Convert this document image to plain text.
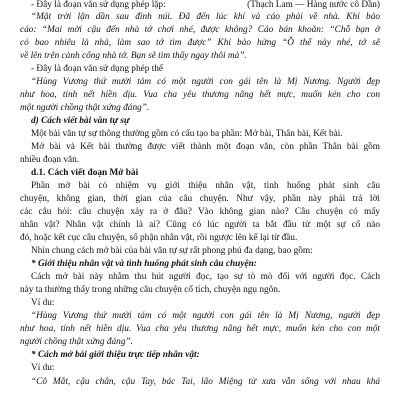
- Đây là đoạn văn sử dụng phép lặp:	(Thạch Lam — Hàng nước cô Dần)
“Mặt trời lặn dần sau đỉnh núi. Đã đến lúc khí và cáo phải về nhà. Khỉ bảo
cáo: “Mai mời cậu đến nhà tớ chơi nhé, được không? Cáo bán khoăn: “Chỗ bạn ở
có bao nhiêu là nhà, làm sao tớ tìm được” Khỉ bảo hừng “Ồ thế này nhé, tớ sẽ
về lên trên cành cống nhà tớ. Bạn sẽ tìm thấy ngay thôi mà”.
- Đây là đoạn văn sử dụng phép thế
“Hùng Vương thứ mười tám có một người con gái tên là Mị Nương. Người đẹp
như hoa, tính nết hiền dịu. Vua cha yêu thương nâng hết mực, muốn kén cho con
một người chồng thật xứng đáng”.
d) Cách viết bài văn tự sự
Một bài văn tự sự thông thường gồm có cấu tạo ba phần: Mở bài, Thân bài, Kết bài.
Mở bài và Kết bài thường được viết thành một đoạn văn, còn phần Thân bài gồm
nhiều đoạn văn.
d.1. Cách viết đoạn Mở bài
Phần mở bài có nhiệm vụ giới thiệu nhân vật, tình huống phát sinh câu
chuyện, không gian, thời gian của câu chuyện. Như vậy, phần này phải trả lời
các câu hỏi: câu chuyện xảy ra ở đâu? Vào không gian nào? Câu chuyện có mấy
nhân vật? Nhân vật chính là ai? Cũng có lúc người ta bắt đầu từ một sự cố nào
đó, hoặc kết cục câu chuyện, số phận nhân vật, rồi ngược lên kể lại từ đầu.
Nhìn chung cách mở bài của bài văn tự sự rất phong phú đa dạng, bao gồm:
* Giới thiệu nhân vật và tình huống phát sinh câu chuyện:
Cách mở bài này nhằm thu hút người đọc, tạo sự tò mò đối với người đọc. Cách
này ta thường thấy trong những câu chuyện cổ tích, chuyện ngụ ngôn.
Ví du:
“Hùng Vương thứ mười tám có một người con gái tên là Mị Nương, người đẹp
như hoa, tính nết hiền dịu. Vua cha yêu thương nâng hết mực, muốn kén cho con một
người chồng thật xứng đáng”.
* Cách mở bài giới thiệu trực tiếp nhân vật:
Ví du:
“Cô Mắt, cậu chân, cậu Tay, bác Tai, lão Miệng từ xưa vẫn sống với nhau khá
